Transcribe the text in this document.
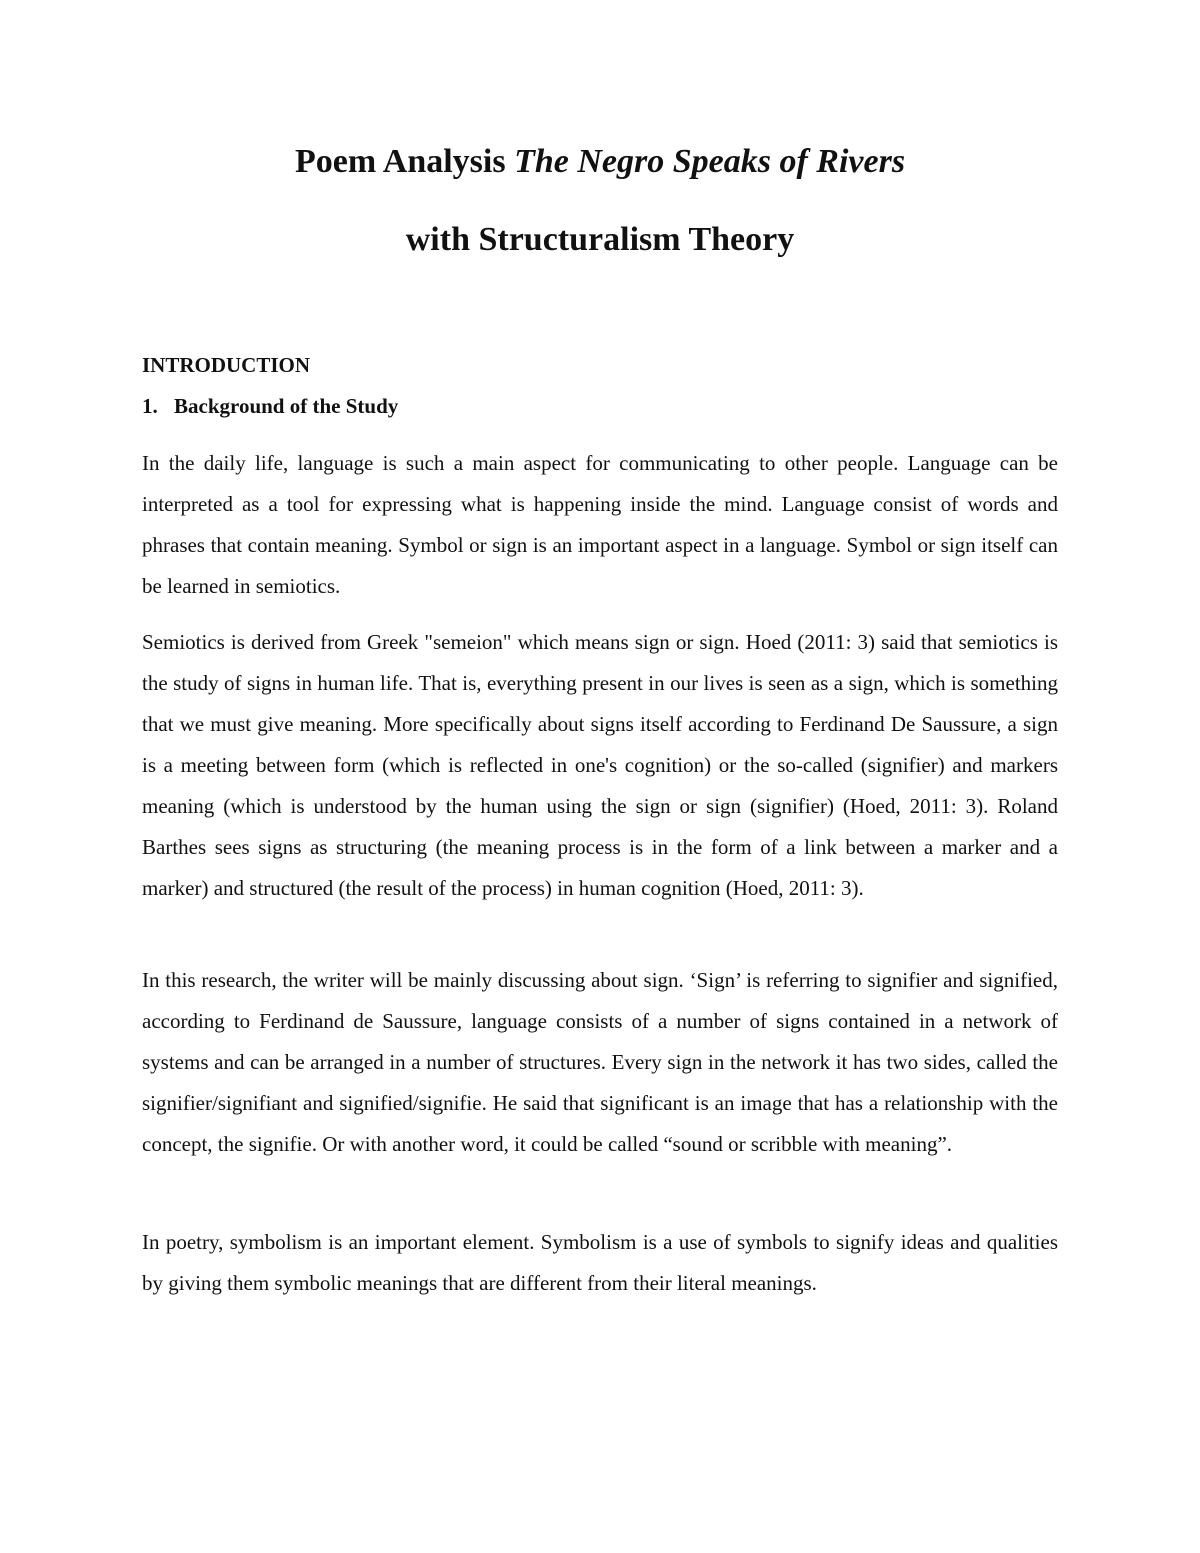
Poem Analysis The Negro Speaks of Rivers
with Structuralism Theory
INTRODUCTION
1. Background of the Study

In the daily life, language is such a main aspect for communicating to other people. Language can be interpreted as a tool for expressing what is happening inside the mind. Language consist of words and phrases that contain meaning. Symbol or sign is an important aspect in a language. Symbol or sign itself can be learned in semiotics.

Semiotics is derived from Greek "semeion" which means sign or sign. Hoed (2011: 3) said that semiotics is the study of signs in human life. That is, everything present in our lives is seen as a sign, which is something that we must give meaning. More specifically about signs itself according to Ferdinand De Saussure, a sign is a meeting between form (which is reflected in one's cognition) or the so-called (signifier) and markers meaning (which is understood by the human using the sign or sign (signifier) (Hoed, 2011: 3). Roland Barthes sees signs as structuring (the meaning process is in the form of a link between a marker and a marker) and structured (the result of the process) in human cognition (Hoed, 2011: 3).

In this research, the writer will be mainly discussing about sign. ‘Sign’ is referring to signifier and signified, according to Ferdinand de Saussure, language consists of a number of signs contained in a network of systems and can be arranged in a number of structures. Every sign in the network it has two sides, called the signifier/signifiant and signified/signifie. He said that significant is an image that has a relationship with the concept, the signifie. Or with another word, it could be called “sound or scribble with meaning”.

In poetry, symbolism is an important element. Symbolism is a use of symbols to signify ideas and qualities by giving them symbolic meanings that are different from their literal meanings.
